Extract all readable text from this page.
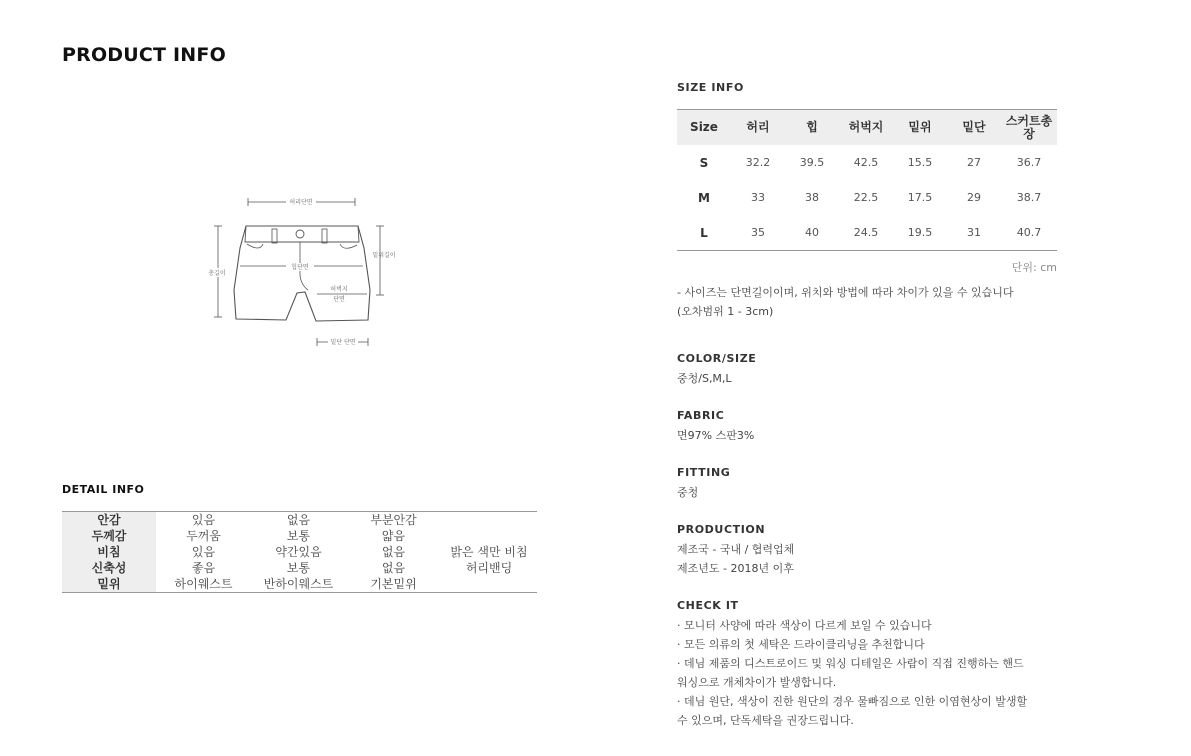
PRODUCT INFO
허리단면
총길이
밑위길이
힙단면
허벅지
단면
밑단 단면
DETAIL INFO
안감	있음	없음	부분안감	
두께감	두꺼움	보통	얇음	
비침	있음	약간있음	없음	밝은 색만 비침
신축성	좋음	보통	없음	허리밴딩
밑위	하이웨스트	반하이웨스트	기본밑위	
SIZE INFO
Size	허리	힙	허벅지	밑위	밑단	스커트총장
S	32.2	39.5	42.5	15.5	27	36.7
M	33	38	22.5	17.5	29	38.7
L	35	40	24.5	19.5	31	40.7
단위: cm
- 사이즈는 단면길이이며, 위치와 방법에 따라 차이가 있을 수 있습니다
(오차범위 1 - 3cm)
COLOR/SIZE
중청/S,M,L
FABRIC
면97% 스판3%
FITTING
중청
PRODUCTION
제조국 - 국내 / 협력업체
제조년도 - 2018년 이후
CHECK IT
· 모니터 사양에 따라 색상이 다르게 보일 수 있습니다
· 모든 의류의 첫 세탁은 드라이클리닝을 추천합니다
· 데님 제품의 디스트로이드 및 워싱 디테일은 사람이 직접 진행하는 핸드
워싱으로 개체차이가 발생합니다.
· 데님 원단, 색상이 진한 원단의 경우 물빠짐으로 인한 이염현상이 발생할
수 있으며, 단독세탁을 권장드립니다.
